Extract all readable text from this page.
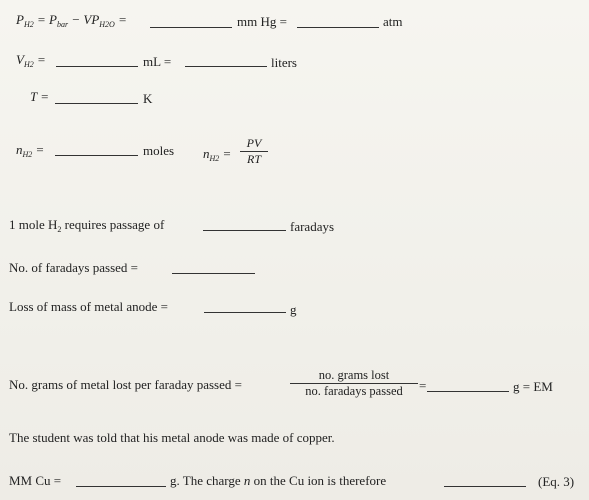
$P_{H2} = P_{bar} - VP_{H2O}$ =	mm Hg =	atm
$V_{H2}$ =	mL =	liters
T =	K
$n_{H2}$ =	moles $n_{H2} = \frac{PV}{RT}$
1 mole $H_2$ requires passage of	faradays
No. of faradays passed =
Loss of mass of metal anode =	g
No. grams of metal lost per faraday passed =
no. grams lost
no. faradays passed	=	g = EM
The student was told that his metal anode was made of copper.
MM Cu =	g. The charge n on the Cu ion is therefore	(Eq. 3)
